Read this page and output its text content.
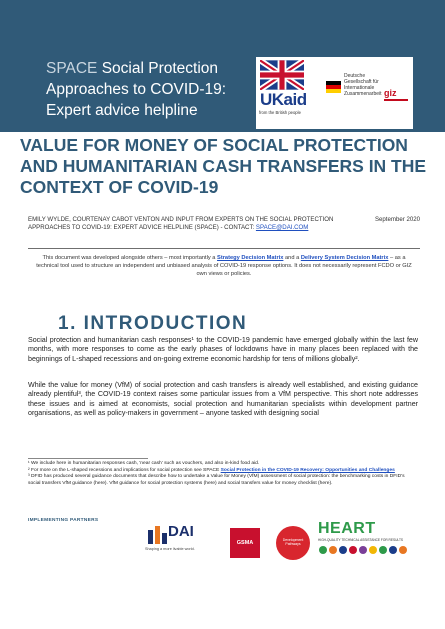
SPACE Social Protection Approaches to COVID-19: Expert advice helpline
UKaid
from the British people
Deutsche Gesellschaft für Internationale Zusammenarbeit giz
VALUE FOR MONEY OF SOCIAL PROTECTION AND HUMANITARIAN CASH TRANSFERS IN THE CONTEXT OF COVID-19
EMILY WYLDE, COURTENAY CABOT VENTON AND INPUT FROM EXPERTS ON THE SOCIAL PROTECTION APPROACHES TO COVID-19: EXPERT ADVICE HELPLINE (SPACE) - CONTACT: SPACE@DAI.COM
September 2020
This document was developed alongside others – most importantly a Strategy Decision Matrix and a Delivery System Decision Matrix – as a technical tool used to structure an independent and unbiased analysis of COVID-19 response options. It does not necessarily represent FCDO or GIZ own views or policies.
1. INTRODUCTION
Social protection and humanitarian cash responses¹ to the COVID-19 pandemic have emerged globally within the last few months, with more responses to come as the early phases of lockdowns have in many places been replaced with the beginnings of L-shaped recessions and on-going extreme economic hardship for tens of millions globally².
While the value for money (VfM) of social protection and cash transfers is already well established, and existing guidance already plentiful³, the COVID-19 context raises some particular issues from a VfM perspective. This short note addresses these issues and is aimed at economists, social protection and humanitarian specialists within development partner organisations, as well as policy-makers in government – anyone tasked with designing social
¹ We include here in humanitarian responses cash, 'near cash' such as vouchers, and also in-kind food aid.
² For more on the L-shaped recessions and implications for social protection see SPACE Social Protection in the COVID-19 Recovery: Opportunities and Challenges
³ DFID has produced several guidance documents that describe how to undertake a Value for Money (VfM) assessment of social protection: the benchmarking costs in DFID's social transfers VfM guidance (here). VfM guidance for social protection systems (here) and social transfers value for money checklist (here).
IMPLEMENTING PARTNERS
DAI
Shaping a more livable world.
GSMA	Development Pathways
HEART
HIGH-QUALITY TECHNICAL ASSISTANCE FOR RESULTS
